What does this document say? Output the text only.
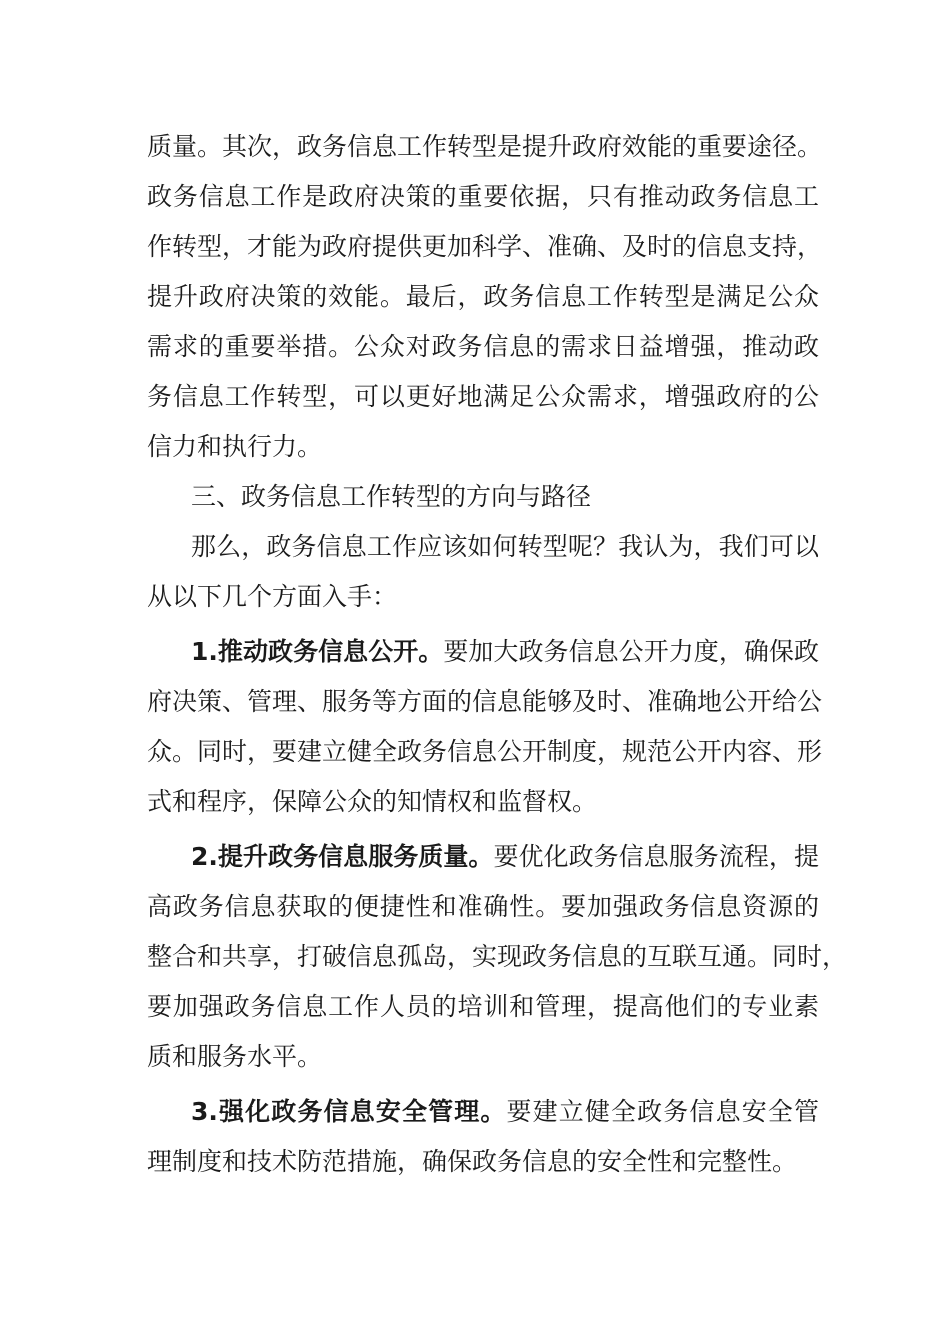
质量。其次，政务信息工作转型是提升政府效能的重要途径。
政务信息工作是政府决策的重要依据，只有推动政务信息工
作转型，才能为政府提供更加科学、准确、及时的信息支持，
提升政府决策的效能。最后，政务信息工作转型是满足公众
需求的重要举措。公众对政务信息的需求日益增强，推动政
务信息工作转型，可以更好地满足公众需求，增强政府的公
信力和执行力。
三、政务信息工作转型的方向与路径
那么，政务信息工作应该如何转型呢？我认为，我们可以
从以下几个方面入手：
1.推动政务信息公开。要加大政务信息公开力度，确保政
府决策、管理、服务等方面的信息能够及时、准确地公开给公
众。同时，要建立健全政务信息公开制度，规范公开内容、形
式和程序，保障公众的知情权和监督权。
2.提升政务信息服务质量。要优化政务信息服务流程，提
高政务信息获取的便捷性和准确性。要加强政务信息资源的
整合和共享，打破信息孤岛，实现政务信息的互联互通。同时，
要加强政务信息工作人员的培训和管理，提高他们的专业素
质和服务水平。
3.强化政务信息安全管理。要建立健全政务信息安全管
理制度和技术防范措施，确保政务信息的安全性和完整性。
